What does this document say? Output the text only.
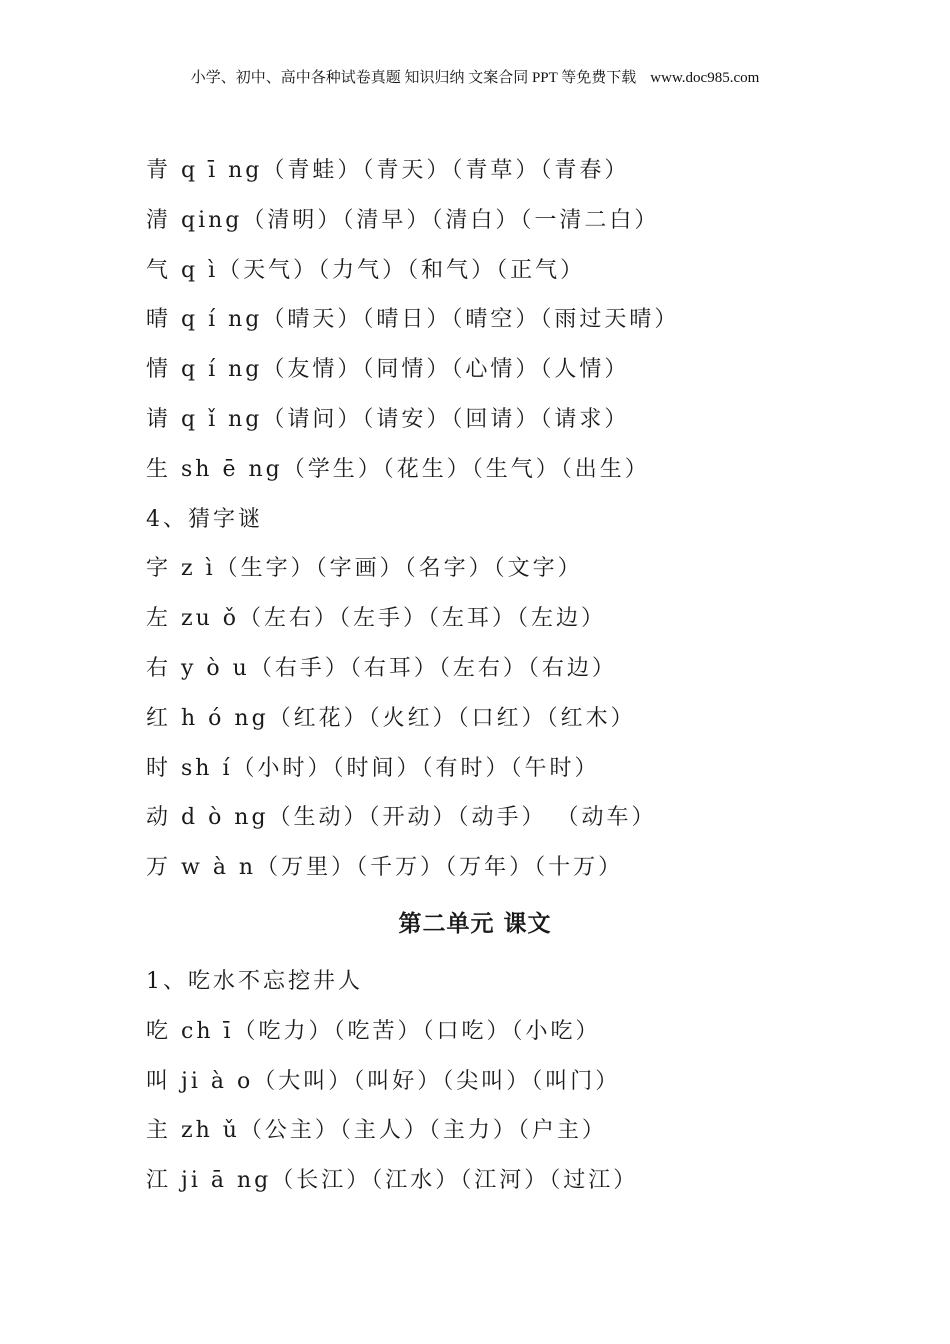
小学、初中、高中各种试卷真题 知识归纳 文案合同 PPT 等免费下载 www.doc985.com
青 q ī ng（青蛙）（青天）（青草）（青春）
清 qing（清明）（清早）（清白）（一清二白）
气 q ì（天气）（力气）（和气）（正气）
晴 q í ng（晴天）（晴日）（晴空）（雨过天晴）
情 q í ng（友情）（同情）（心情）（人情）
请 q ǐ ng（请问）（请安）（回请）（请求）
生 sh ē ng（学生）（花生）（生气）（出生）
4、猜字谜
字 z ì（生字）（字画）（名字）（文字）
左 zu ǒ（左右）（左手）（左耳）（左边）
右 y ò u（右手）（右耳）（左右）（右边）
红 h ó ng（红花）（火红）（口红）（红木）
时 sh í（小时）（时间）（有时）（午时）
动 d ò ng（生动）（开动）（动手） （动车）
万 w à n（万里）（千万）（万年）（十万）
第二单元 课文
1、吃水不忘挖井人
吃 ch ī（吃力）（吃苦）（口吃）（小吃）
叫 ji à o（大叫）（叫好）（尖叫）（叫门）
主 zh ǔ（公主）（主人）（主力）（户主）
江 ji ā ng（长江）（江水）（江河）（过江）
